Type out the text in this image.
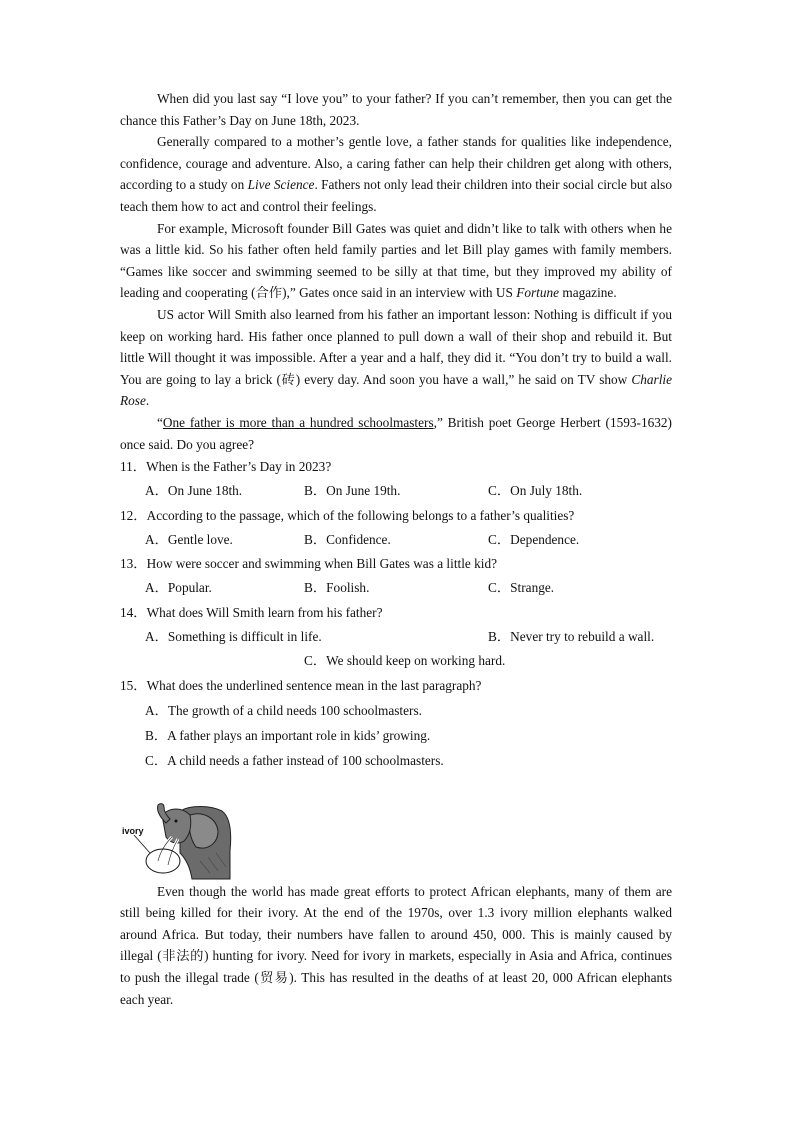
When did you last say “I love you” to your father? If you can’t remember, then you can get the chance this Father’s Day on June 18th, 2023.

Generally compared to a mother’s gentle love, a father stands for qualities like independence, confidence, courage and adventure. Also, a caring father can help their children get along with others, according to a study on Live Science. Fathers not only lead their children into their social circle but also teach them how to act and control their feelings.

For example, Microsoft founder Bill Gates was quiet and didn’t like to talk with others when he was a little kid. So his father often held family parties and let Bill play games with family members. “Games like soccer and swimming seemed to be silly at that time, but they improved my ability of leading and cooperating (合作),” Gates once said in an interview with US Fortune magazine.

US actor Will Smith also learned from his father an important lesson: Nothing is difficult if you keep on working hard. His father once planned to pull down a wall of their shop and rebuild it. But little Will thought it was impossible. After a year and a half, they did it. “You don’t try to build a wall. You are going to lay a brick (砖) every day. And soon you have a wall,” he said on TV show Charlie Rose.

“One father is more than a hundred schoolmasters,” British poet George Herbert (1593-1632) once said. Do you agree?

11．When is the Father’s Day in 2023?
A．On June 18th.	B．On June 19th.	C．On July 18th.
12．According to the passage, which of the following belongs to a father’s qualities?
A．Gentle love.	B．Confidence.	C．Dependence.
13．How were soccer and swimming when Bill Gates was a little kid?
A．Popular.	B．Foolish.	C．Strange.
14．What does Will Smith learn from his father?
A．Something is difficult in life.	B．Never try to rebuild a wall.
C．We should keep on working hard.
15．What does the underlined sentence mean in the last paragraph?
A．The growth of a child needs 100 schoolmasters.
B．A father plays an important role in kids’ growing.
C．A child needs a father instead of 100 schoolmasters.
ivory

Even though the world has made great efforts to protect African elephants, many of them are still being killed for their ivory. At the end of the 1970s, over 1.3 ivory million elephants walked around Africa. But today, their numbers have fallen to around 450, 000. This is mainly caused by illegal (非法的) hunting for ivory. Need for ivory in markets, especially in Asia and Africa, continues to push the illegal trade (贸易). This has resulted in the deaths of at least 20, 000 African elephants each year.
